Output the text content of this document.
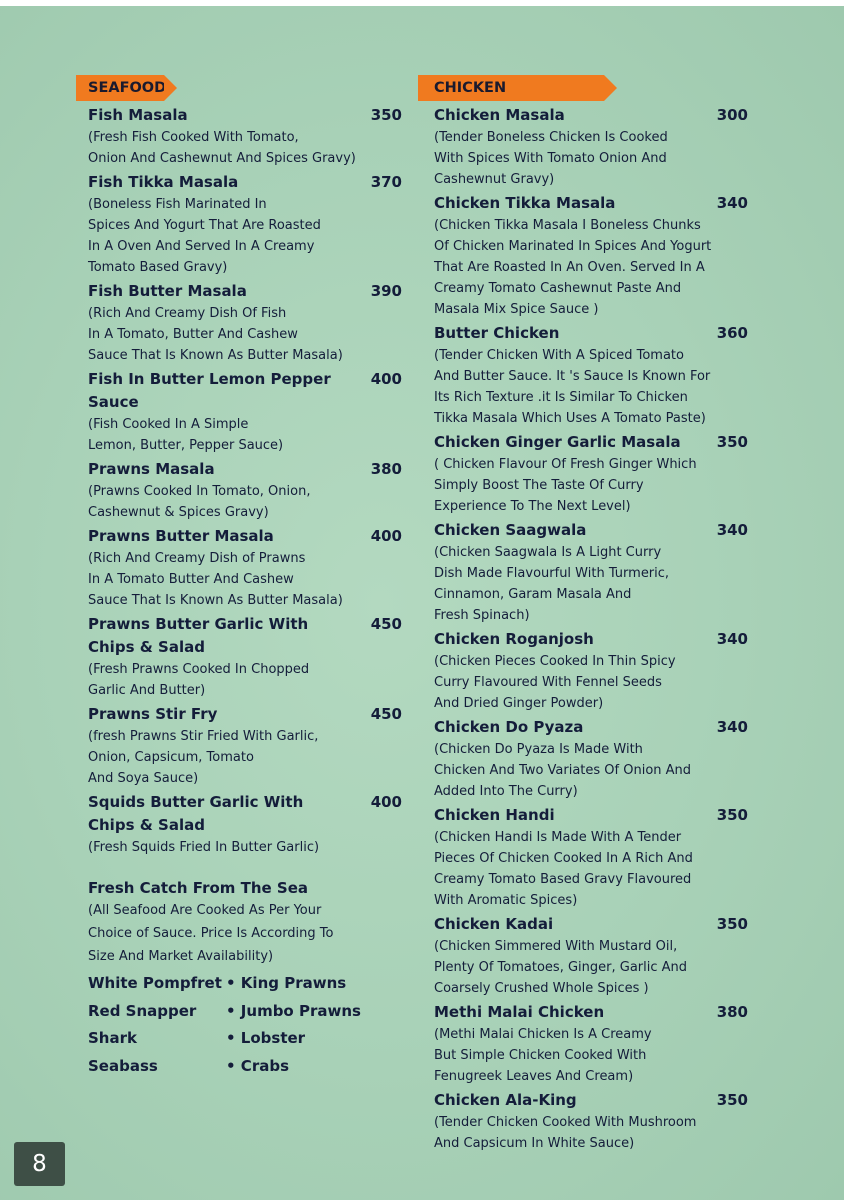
SEAFOOD
Fish Masala	350
(Fresh Fish Cooked With Tomato,
Onion And Cashewnut And Spices Gravy)
Fish Tikka Masala	370
(Boneless Fish Marinated In
Spices And Yogurt That Are Roasted
In A Oven And Served In A Creamy
Tomato Based Gravy)
Fish Butter Masala	390
(Rich And Creamy Dish Of Fish
In A Tomato, Butter And Cashew
Sauce That Is Known As Butter Masala)
Fish In Butter Lemon Pepper Sauce
400
(Fish Cooked In A Simple
Lemon, Butter, Pepper Sauce)
Prawns Masala	380
(Prawns Cooked In Tomato, Onion,
Cashewnut & Spices Gravy)
Prawns Butter Masala	400
(Rich And Creamy Dish of Prawns
In A Tomato Butter And Cashew
Sauce That Is Known As Butter Masala)
Prawns Butter Garlic With
Chips & Salad
450
(Fresh Prawns Cooked In Chopped
Garlic And Butter)
Prawns Stir Fry	450
(fresh Prawns Stir Fried With Garlic,
Onion, Capsicum, Tomato
And Soya Sauce)
Squids Butter Garlic With
Chips & Salad
400
(Fresh Squids Fried In Butter Garlic)
Fresh Catch From The Sea
(All Seafood Are Cooked As Per Your
Choice of Sauce. Price Is According To
Size And Market Availability)
White Pompfret • King Prawns
Red Snapper	• Jumbo Prawns
Shark	• Lobster
Seabass	• Crabs
CHICKEN
Chicken Masala	300
(Tender Boneless Chicken Is Cooked
With Spices With Tomato Onion And
Cashewnut Gravy)
Chicken Tikka Masala	340
(Chicken Tikka Masala I Boneless Chunks
Of Chicken Marinated In Spices And Yogurt
That Are Roasted In An Oven. Served In A
Creamy Tomato Cashewnut Paste And
Masala Mix Spice Sauce )
Butter Chicken	360
(Tender Chicken With A Spiced Tomato
And Butter Sauce. It 's Sauce Is Known For
Its Rich Texture .it Is Similar To Chicken
Tikka Masala Which Uses A Tomato Paste)
Chicken Ginger Garlic Masala 350
( Chicken Flavour Of Fresh Ginger Which
Simply Boost The Taste Of Curry
Experience To The Next Level)
Chicken Saagwala	340
(Chicken Saagwala Is A Light Curry
Dish Made Flavourful With Turmeric,
Cinnamon, Garam Masala And
Fresh Spinach)
Chicken Roganjosh	340
(Chicken Pieces Cooked In Thin Spicy
Curry Flavoured With Fennel Seeds
And Dried Ginger Powder)
Chicken Do Pyaza	340
(Chicken Do Pyaza Is Made With
Chicken And Two Variates Of Onion And
Added Into The Curry)
Chicken Handi	350
(Chicken Handi Is Made With A Tender
Pieces Of Chicken Cooked In A Rich And
Creamy Tomato Based Gravy Flavoured
With Aromatic Spices)
Chicken Kadai	350
(Chicken Simmered With Mustard Oil,
Plenty Of Tomatoes, Ginger, Garlic And
Coarsely Crushed Whole Spices )
Methi Malai Chicken	380
(Methi Malai Chicken Is A Creamy
But Simple Chicken Cooked With
Fenugreek Leaves And Cream)
Chicken Ala-King	350
(Tender Chicken Cooked With Mushroom
And Capsicum In White Sauce)
8
